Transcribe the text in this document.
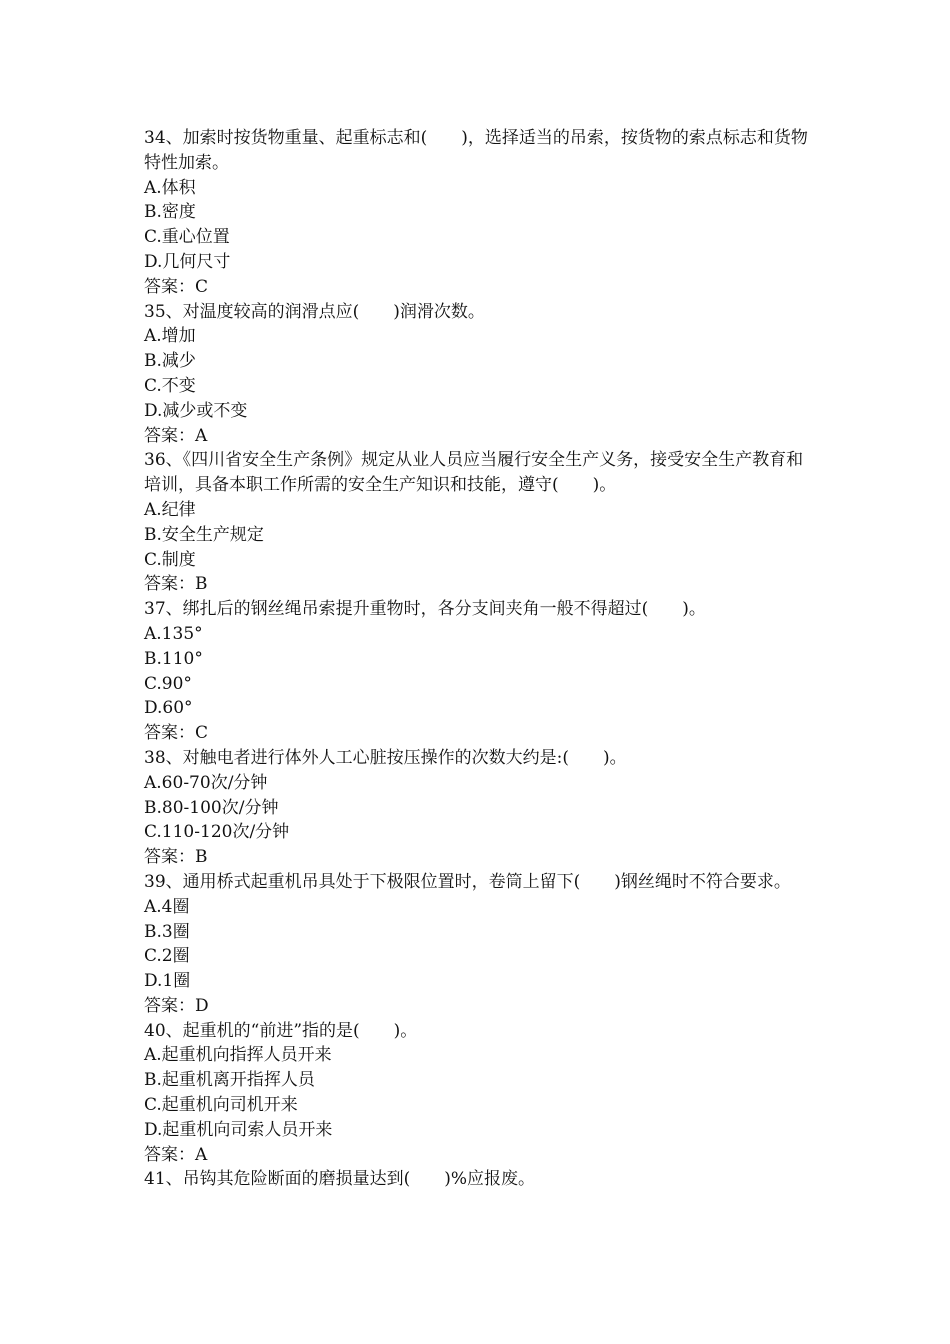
34、加索时按货物重量、起重标志和(　　)，选择适当的吊索，按货物的索点标志和货物特性加索。
A.体积
B.密度
C.重心位置
D.几何尺寸
答案：C
35、对温度较高的润滑点应(　　)润滑次数。
A.增加
B.减少
C.不变
D.减少或不变
答案：A
36、《四川省安全生产条例》规定从业人员应当履行安全生产义务，接受安全生产教育和培训，具备本职工作所需的安全生产知识和技能，遵守(　　)。
A.纪律
B.安全生产规定
C.制度
答案：B
37、绑扎后的钢丝绳吊索提升重物时，各分支间夹角一般不得超过(　　)。
A.135°
B.110°
C.90°
D.60°
答案：C
38、对触电者进行体外人工心脏按压操作的次数大约是:(　　)。
A.60-70次/分钟
B.80-100次/分钟
C.110-120次/分钟
答案：B
39、通用桥式起重机吊具处于下极限位置时，卷筒上留下(　　)钢丝绳时不符合要求。
A.4圈
B.3圈
C.2圈
D.1圈
答案：D
40、起重机的“前进”指的是(　　)。
A.起重机向指挥人员开来
B.起重机离开指挥人员
C.起重机向司机开来
D.起重机向司索人员开来
答案：A
41、吊钩其危险断面的磨损量达到(　　)%应报废。
